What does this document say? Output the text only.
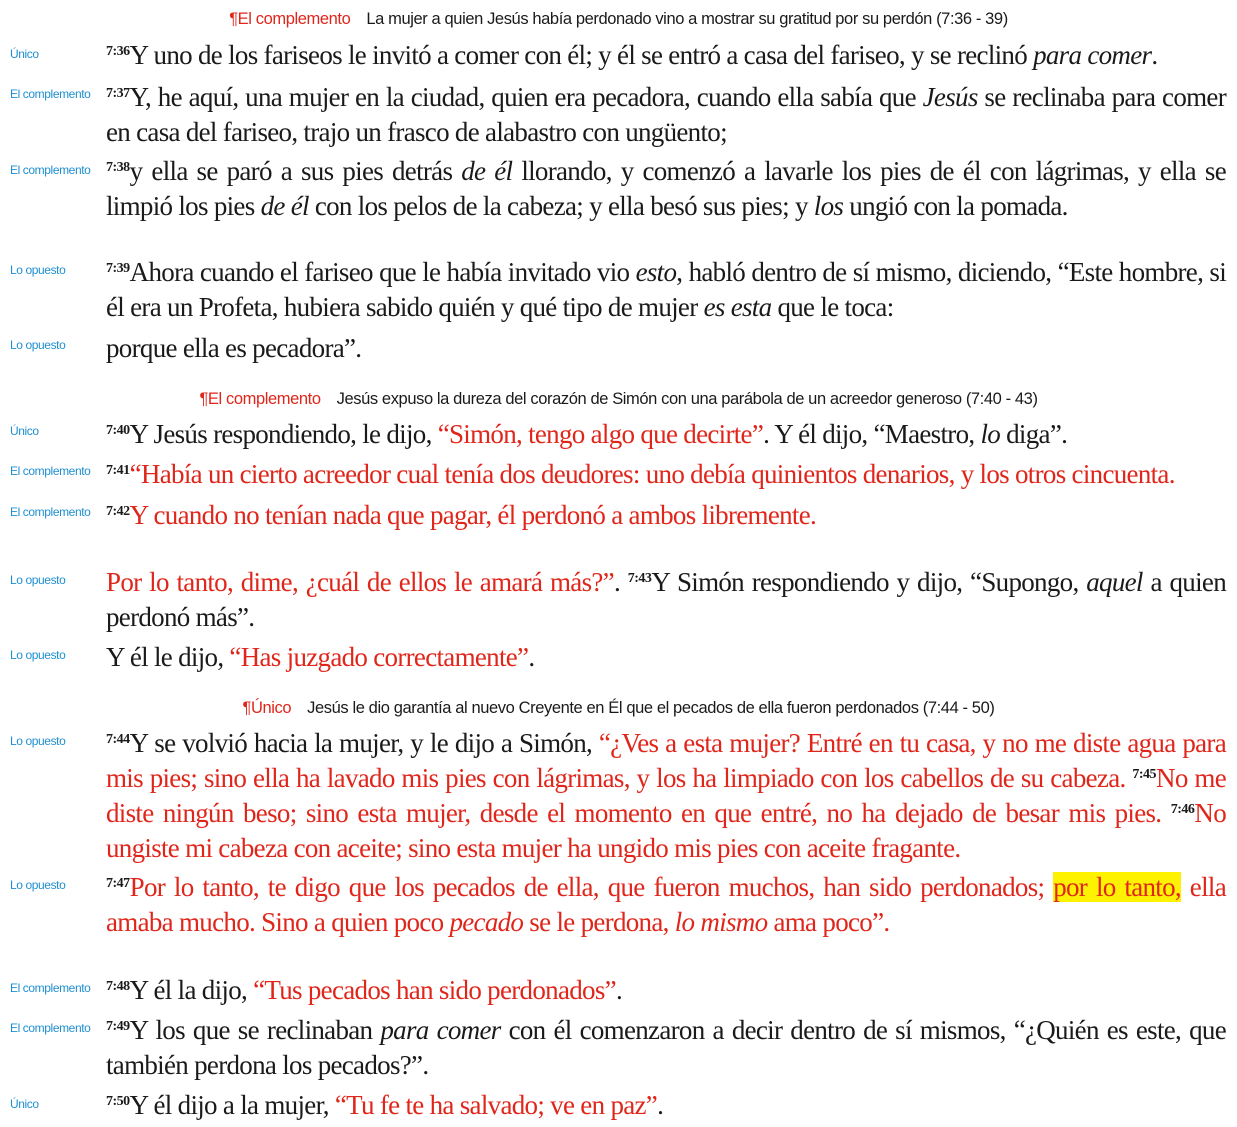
¶El complemento La mujer a quien Jesús había perdonado vino a mostrar su gratitud por su perdón (7:36 - 39)
Único	$^{7:36}$Y uno de los fariseos le invitó a comer con él; y él se entró a casa del fariseo, y se reclinó para comer.
El complemento $^{7:37}$Y, he aquí, una mujer en la ciudad, quien era pecadora, cuando ella sabía que Jesús se reclinaba para comer en casa del fariseo, trajo un frasco de alabastro con ungüento;
El complemento $^{7:38}$y ella se paró a sus pies detrás de él llorando, y comenzó a lavarle los pies de él con lágrimas, y ella se limpió los pies de él con los pelos de la cabeza; y ella besó sus pies; y los ungió con la pomada.
Lo opuesto	$^{7:39}$Ahora cuando el fariseo que le había invitado vio esto, habló dentro de sí mismo, diciendo, “Este hombre, si él era un Profeta, hubiera sabido quién y qué tipo de mujer es esta que le toca:
Lo opuesto porque ella es pecadora”.
¶El complemento Jesús expuso la dureza del corazón de Simón con una parábola de un acreedor generoso (7:40 - 43)
Único	$^{7:40}$Y Jesús respondiendo, le dijo, “Simón, tengo algo que decirte”. Y él dijo, “Maestro, lo diga”.
El complemento $^{7:41}$“Había un cierto acreedor cual tenía dos deudores: uno debía quinientos denarios, y los otros cincuenta.
El complemento $^{7:42}$Y cuando no tenían nada que pagar, él perdonó a ambos libremente.
Lo opuesto Por lo tanto, dime, ¿cuál de ellos le amará más?”. $^{7:43}$Y Simón respondiendo y dijo, “Supongo, aquel a quien perdonó más”.
Lo opuesto Y él le dijo, “Has juzgado correctamente”.
¶Único Jesús le dio garantía al nuevo Creyente en Él que el pecados de ella fueron perdonados (7:44 - 50)
Lo opuesto	$^{7:44}$Y se volvió hacia la mujer, y le dijo a Simón, “¿Ves a esta mujer? Entré en tu casa, y no me diste agua para mis pies; sino ella ha lavado mis pies con lágrimas, y los ha limpiado con los cabellos de su cabeza. $^{7:45}$No me diste ningún beso; sino esta mujer, desde el momento en que entré, no ha dejado de besar mis pies. $^{7:46}$No ungiste mi cabeza con aceite; sino esta mujer ha ungido mis pies con aceite fragante.
Lo opuesto	$^{7:47}$Por lo tanto, te digo que los pecados de ella, que fueron muchos, han sido perdonados; por lo tanto, ella amaba mucho. Sino a quien poco pecado se le perdona, lo mismo ama poco”.
El complemento $^{7:48}$Y él la dijo, “Tus pecados han sido perdonados”.
El complemento $^{7:49}$Y los que se reclinaban para comer con él comenzaron a decir dentro de sí mismos, “¿Quién es este, que también perdona los pecados?”.
Único	$^{7:50}$Y él dijo a la mujer, “Tu fe te ha salvado; ve en paz”.
